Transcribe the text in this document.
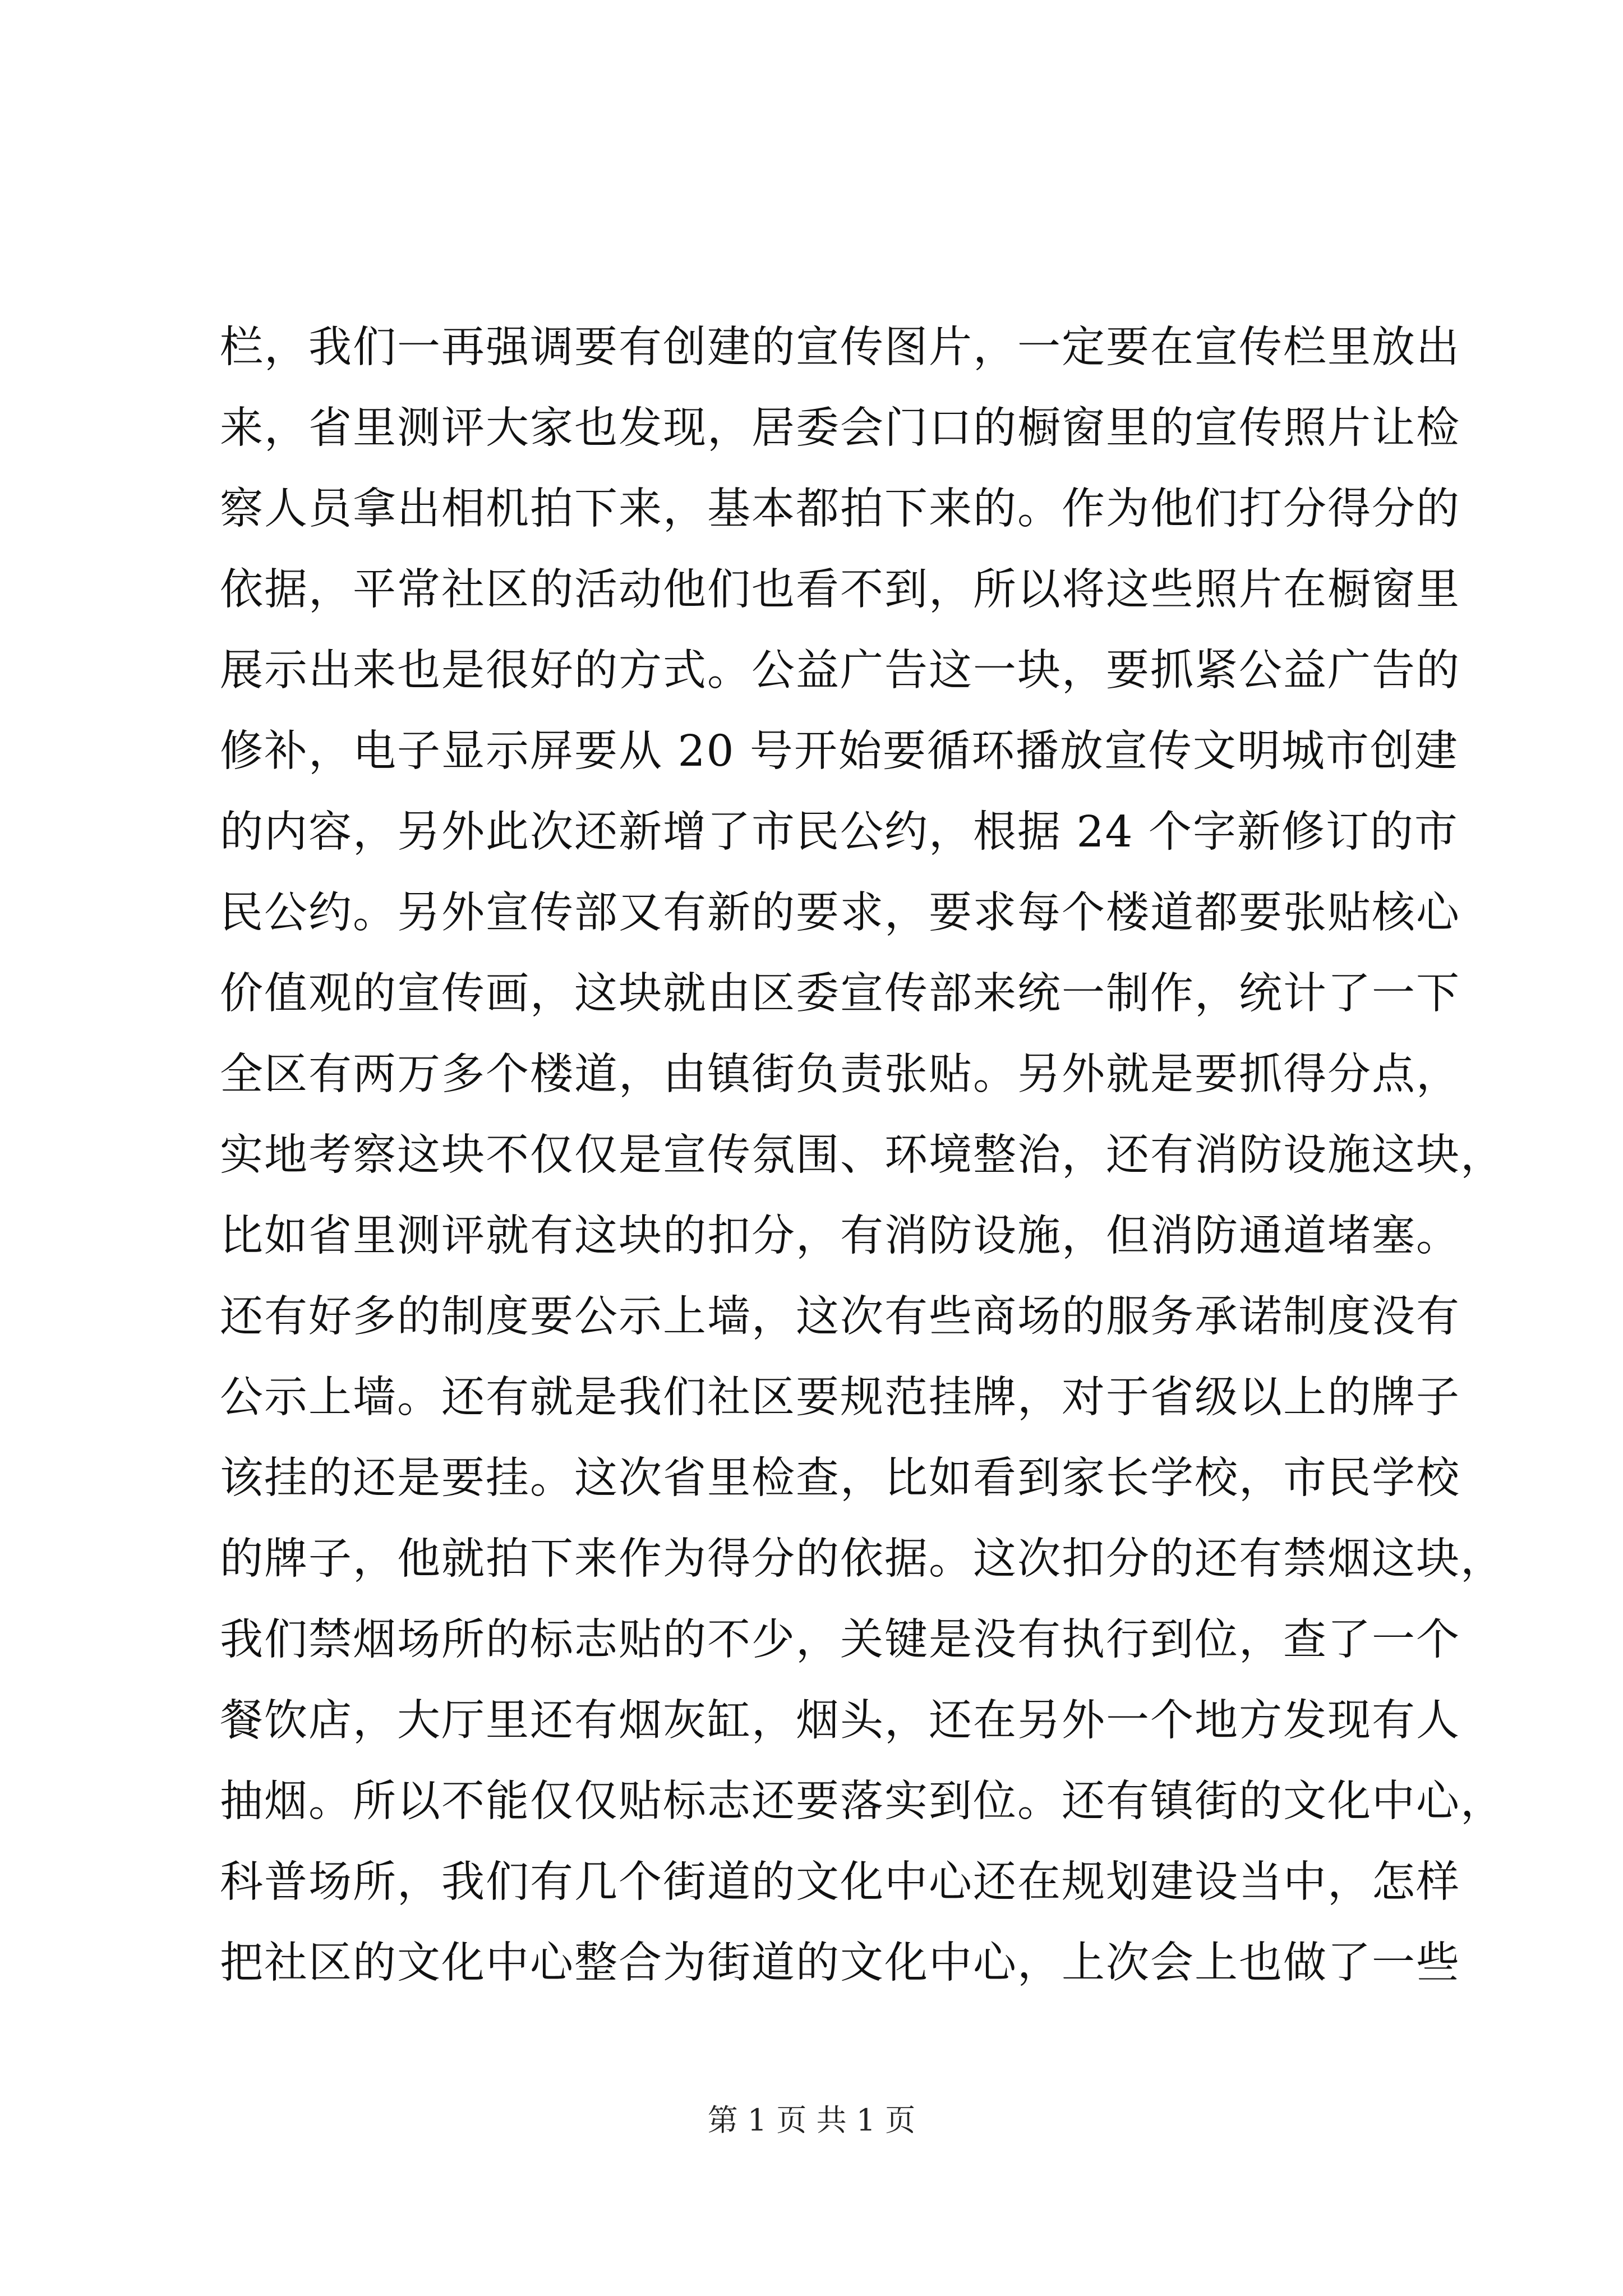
栏，我们一再强调要有创建的宣传图片，一定要在宣传栏里放出
来，省里测评大家也发现，居委会门口的橱窗里的宣传照片让检
察人员拿出相机拍下来，基本都拍下来的。作为他们打分得分的
依据，平常社区的活动他们也看不到，所以将这些照片在橱窗里
展示出来也是很好的方式。公益广告这一块，要抓紧公益广告的
修补，电子显示屏要从 20 号开始要循环播放宣传文明城市创建
的内容，另外此次还新增了市民公约，根据 24 个字新修订的市
民公约。另外宣传部又有新的要求，要求每个楼道都要张贴核心
价值观的宣传画，这块就由区委宣传部来统一制作，统计了一下
全区有两万多个楼道，由镇街负责张贴。另外就是要抓得分点，
实地考察这块不仅仅是宣传氛围、环境整治，还有消防设施这块，
比如省里测评就有这块的扣分，有消防设施，但消防通道堵塞。
还有好多的制度要公示上墙，这次有些商场的服务承诺制度没有
公示上墙。还有就是我们社区要规范挂牌，对于省级以上的牌子
该挂的还是要挂。这次省里检查，比如看到家长学校，市民学校
的牌子，他就拍下来作为得分的依据。这次扣分的还有禁烟这块，
我们禁烟场所的标志贴的不少，关键是没有执行到位，查了一个
餐饮店，大厅里还有烟灰缸，烟头，还在另外一个地方发现有人
抽烟。所以不能仅仅贴标志还要落实到位。还有镇街的文化中心，
科普场所，我们有几个街道的文化中心还在规划建设当中，怎样
把社区的文化中心整合为街道的文化中心，上次会上也做了一些
第 1 页 共 1 页
